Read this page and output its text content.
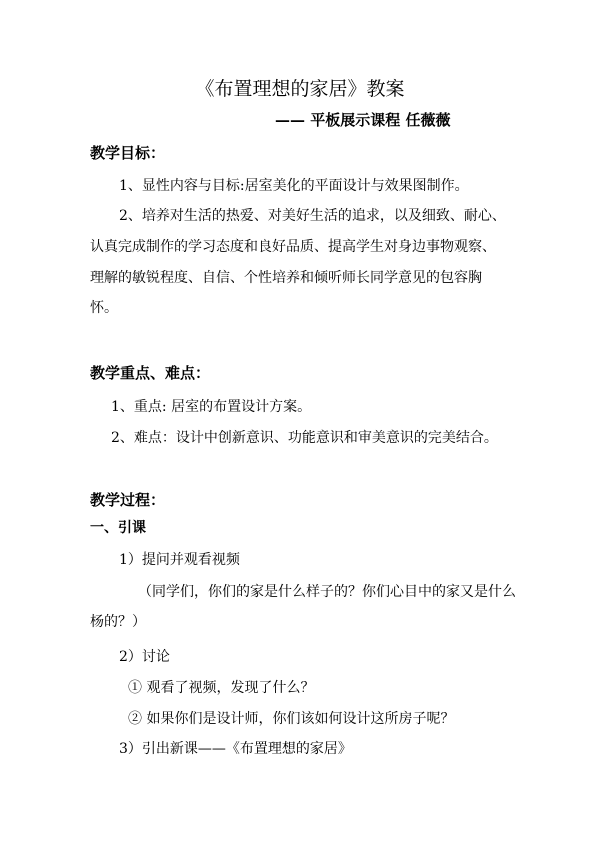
《布置理想的家居》教案
—— 平板展示课程 任薇薇
教学目标：
1、显性内容与目标:居室美化的平面设计与效果图制作。
2、培养对生活的热爱、对美好生活的追求，以及细致、耐心、
认真完成制作的学习态度和良好品质、提高学生对身边事物观察、
理解的敏锐程度、自信、个性培养和倾听师长同学意见的包容胸
怀。
教学重点、难点：
1、重点: 居室的布置设计方案。
2、难点：设计中创新意识、功能意识和审美意识的完美结合。
教学过程：
一、引课
1）提问并观看视频
（同学们，你们的家是什么样子的？你们心目中的家又是什么
杨的？）
2）讨论
① 观看了视频，发现了什么？
② 如果你们是设计师，你们该如何设计这所房子呢？
3）引出新课——《布置理想的家居》
